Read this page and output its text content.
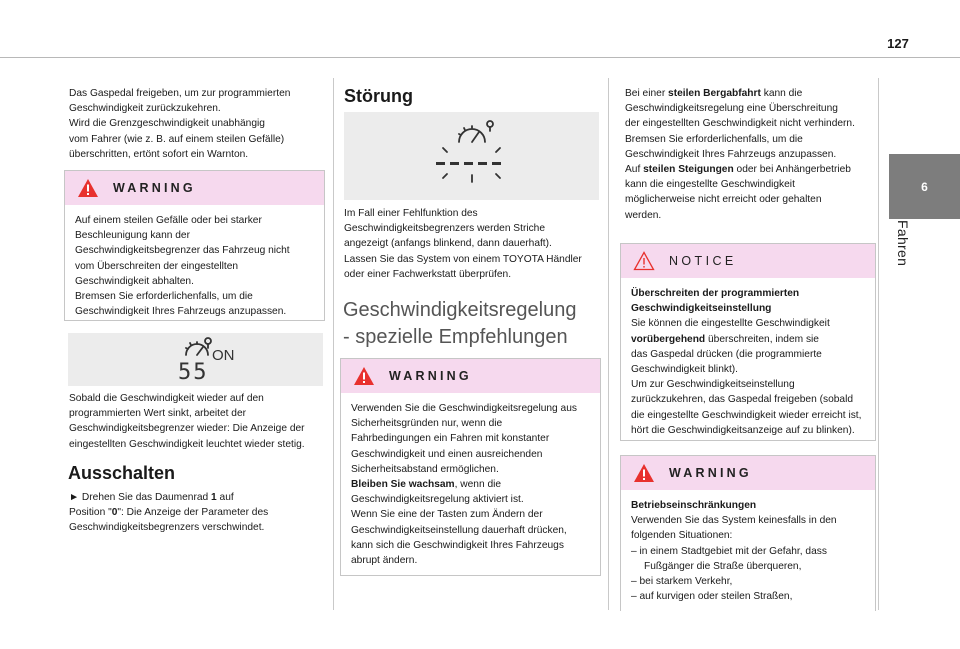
127
6
Fahren

Das Gaspedal freigeben, um zur programmierten

Geschwindigkeit zurückzukehren.

Wird die Grenzgeschwindigkeit unabhängig

vom Fahrer (wie z. B. auf einem steilen Gefälle)

überschritten, ertönt sofort ein Warnton.

WARNING

Auf einem steilen Gefälle oder bei starker

Beschleunigung kann der

Geschwindigkeitsbegrenzer das Fahrzeug nicht

vom Überschreiten der eingestellten

Geschwindigkeit abhalten.

Bremsen Sie erforderlichenfalls, um die

Geschwindigkeit Ihres Fahrzeugs anzupassen.

ON
55

Sobald die Geschwindigkeit wieder auf den

programmierten Wert sinkt, arbeitet der

Geschwindigkeitsbegrenzer wieder: Die Anzeige der

eingestellten Geschwindigkeit leuchtet wieder stetig.

Ausschalten

► Drehen Sie das Daumenrad 1 auf

Position "0": Die Anzeige der Parameter des

Geschwindigkeitsbegrenzers verschwindet.

Störung

Im Fall einer Fehlfunktion des

Geschwindigkeitsbegrenzers werden Striche

angezeigt (anfangs blinkend, dann dauerhaft).

Lassen Sie das System von einem TOYOTA Händler

oder einer Fachwerkstatt überprüfen.

Geschwindigkeitsregelung
- spezielle Empfehlungen
WARNING

Verwenden Sie die Geschwindigkeitsregelung aus

Sicherheitsgründen nur, wenn die

Fahrbedingungen ein Fahren mit konstanter

Geschwindigkeit und einen ausreichenden

Sicherheitsabstand ermöglichen.

Bleiben Sie wachsam, wenn die

Geschwindigkeitsregelung aktiviert ist.

Wenn Sie eine der Tasten zum Ändern der

Geschwindigkeitseinstellung dauerhaft drücken,

kann sich die Geschwindigkeit Ihres Fahrzeugs

abrupt ändern.

Bei einer steilen Bergabfahrt kann die

Geschwindigkeitsregelung eine Überschreitung

der eingestellten Geschwindigkeit nicht verhindern.

Bremsen Sie erforderlichenfalls, um die

Geschwindigkeit Ihres Fahrzeugs anzupassen.

Auf steilen Steigungen oder bei Anhängerbetrieb

kann die eingestellte Geschwindigkeit

möglicherweise nicht erreicht oder gehalten

werden.

NOTICE

Überschreiten der programmierten

Geschwindigkeitseinstellung

Sie können die eingestellte Geschwindigkeit

vorübergehend überschreiten, indem sie

das Gaspedal drücken (die programmierte

Geschwindigkeit blinkt).

Um zur Geschwindigkeitseinstellung

zurückzukehren, das Gaspedal freigeben (sobald

die eingestellte Geschwindigkeit wieder erreicht ist,

hört die Geschwindigkeitsanzeige auf zu blinken).

WARNING

Betriebseinschränkungen

Verwenden Sie das System keinesfalls in den

folgenden Situationen:

– in einem Stadtgebiet mit der Gefahr, dass

Fußgänger die Straße überqueren,

– bei starkem Verkehr,

– auf kurvigen oder steilen Straßen,
